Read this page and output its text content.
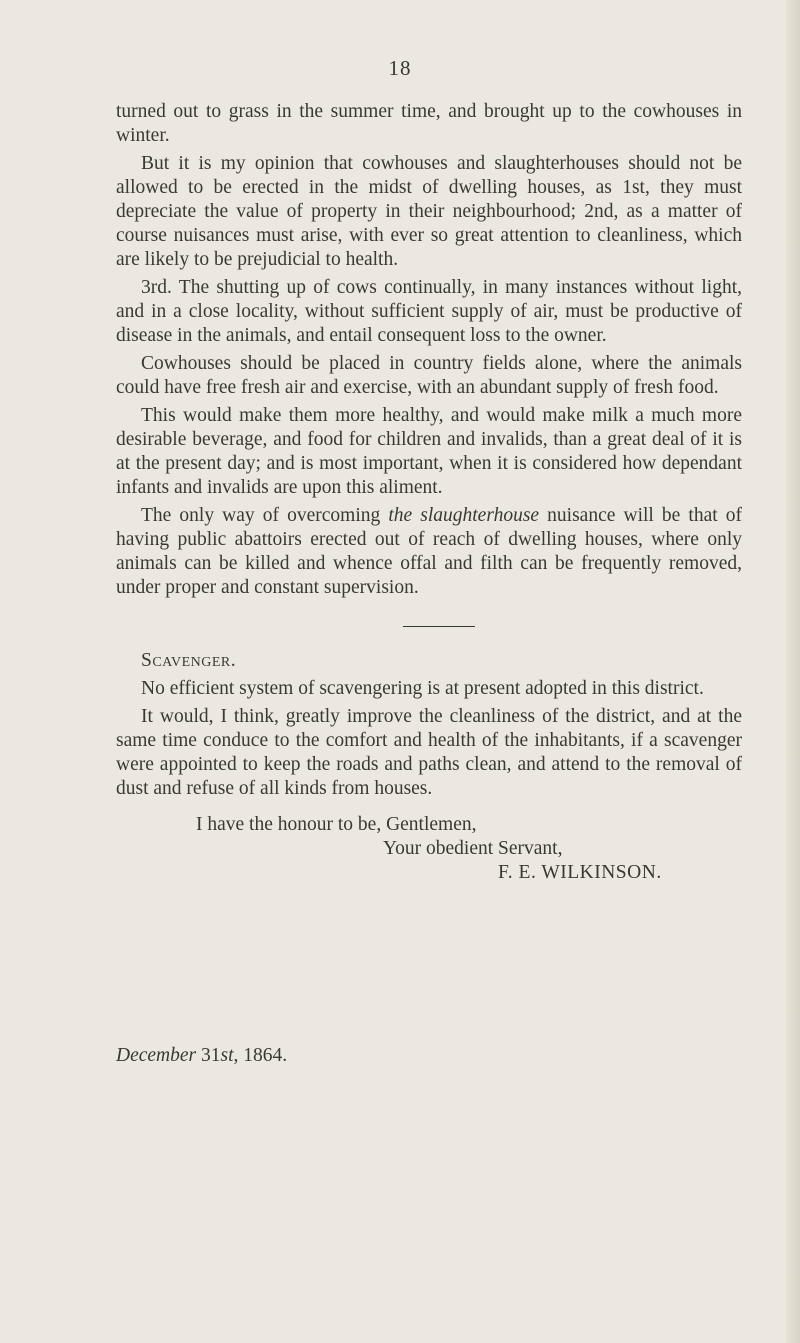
18

turned out to grass in the summer time, and brought up to the cowhouses in winter.

But it is my opinion that cowhouses and slaughterhouses should not be allowed to be erected in the midst of dwelling houses, as 1st, they must depreciate the value of property in their neighbourhood; 2nd, as a matter of course nuisances must arise, with ever so great attention to cleanliness, which are likely to be prejudicial to health.

3rd. The shutting up of cows continually, in many instances without light, and in a close locality, without sufficient supply of air, must be productive of disease in the animals, and entail consequent loss to the owner.

Cowhouses should be placed in country fields alone, where the animals could have free fresh air and exercise, with an abundant supply of fresh food.

This would make them more healthy, and would make milk a much more desirable beverage, and food for children and invalids, than a great deal of it is at the present day; and is most important, when it is considered how dependant infants and invalids are upon this aliment.

The only way of overcoming the slaughterhouse nuisance will be that of having public abattoirs erected out of reach of dwelling houses, where only animals can be killed and whence offal and filth can be frequently removed, under proper and constant supervision.

Scavenger.

No efficient system of scavengering is at present adopted in this district.

It would, I think, greatly improve the cleanliness of the district, and at the same time conduce to the comfort and health of the inhabitants, if a scavenger were appointed to keep the roads and paths clean, and attend to the removal of dust and refuse of all kinds from houses.

I have the honour to be, Gentlemen,
Your obedient Servant,
F. E. WILKINSON.
December 31st, 1864.
